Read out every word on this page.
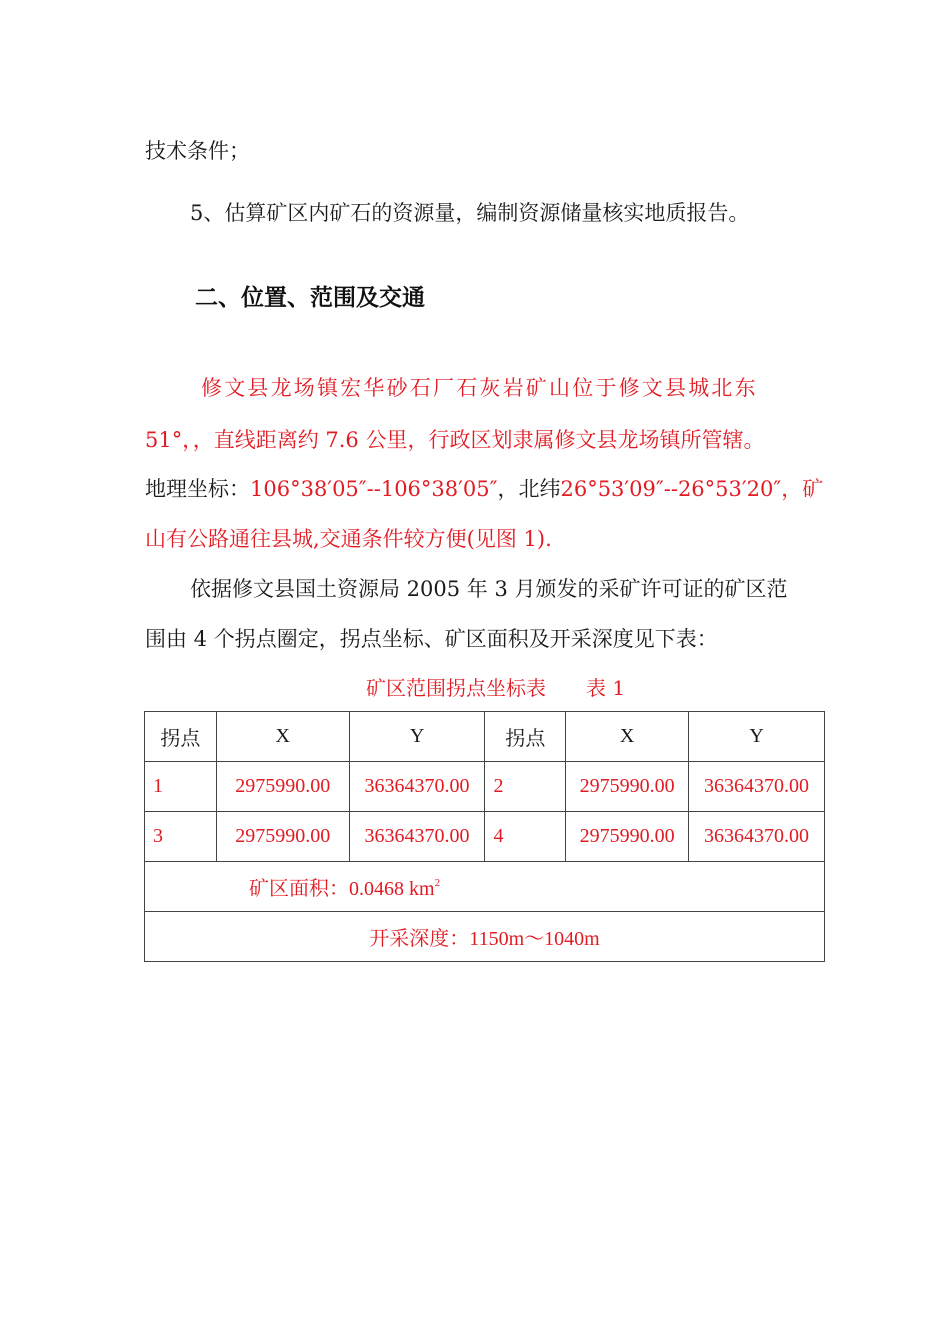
技术条件；
5、估算矿区内矿石的资源量，编制资源储量核实地质报告。
二、位置、范围及交通
修文县龙场镇宏华砂石厂石灰岩矿山位于修文县城北东
51°，，直线距离约 7.6 公里，行政区划隶属修文县龙场镇所管辖。
地理坐标：106°38′05″--106°38′05″，北纬26°53′09″--26°53′20″，矿
山有公路通往县城,交通条件较方便(见图 1).
依据修文县国土资源局 2005 年 3 月颁发的采矿许可证的矿区范
围由 4 个拐点圈定，拐点坐标、矿区面积及开采深度见下表：
矿区范围拐点坐标表　　表 1
拐点	X	Y	拐点	X	Y
1	2975990.00	36364370.00	2	2975990.00	36364370.00
3	2975990.00	36364370.00	4	2975990.00	36364370.00
矿区面积：0.0468 $km^2$
开采深度：1150m～1040m					
